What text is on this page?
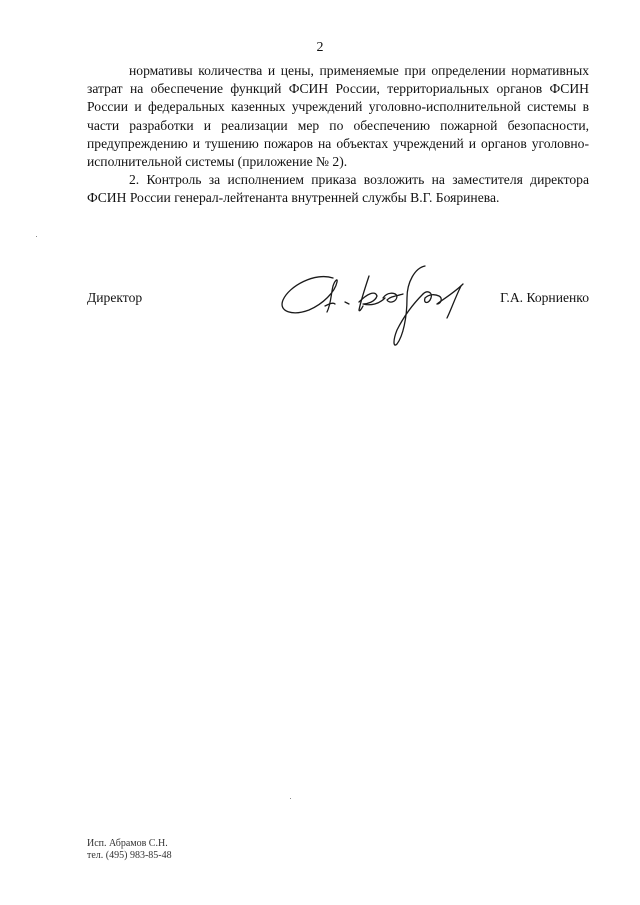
2

нормативы количества и цены, применяемые при определении нормативных затрат на обеспечение функций ФСИН России, территориальных органов ФСИН России и федеральных казенных учреждений уголовно-исполнительной системы в части разработки и реализации мер по обеспечению пожарной безопасности, предупреждению и тушению пожаров на объектах учреждений и органов уголовно-исполнительной системы (приложение № 2).

2. Контроль за исполнением приказа возложить на заместителя директора ФСИН России генерал-лейтенанта внутренней службы В.Г. Бояринева.

Директор	Г.А. Корниенко
Исп. Абрамов С.Н.
тел. (495) 983-85-48
